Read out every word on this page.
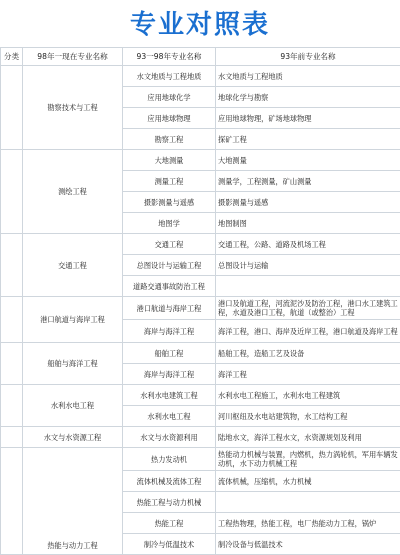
专业对照表
分类	98年一现在专业名称	93一98年专业名称	93年前专业名称
	勘察技术与工程	水文地质与工程地质	水文地质与工程地质
		应用地球化学	地球化学与勘察
		应用地球物理	应用地球物理，矿场地球物理
		勘察工程	探矿工程
	测绘工程	大地测量	大地测量
		测量工程	测量学，工程测量，矿山测量
		摄影测量与遥感	摄影测量与遥感
		地图学	地图制图
	交通工程	交通工程	交通工程，公路、道路及机场工程
		总图设计与运输工程	总图设计与运输
		道路交通事故防治工程	
	港口航道与海岸工程	港口航道与海岸工程	港口及航道工程，河流泥沙及防治工程，港口水工建筑工程，水道及港口工程，航道（或整治）工程
		海岸与海洋工程	海洋工程，港口、海岸及近岸工程，港口航道及海岸工程
	船舶与海洋工程	船舶工程	船舶工程，造船工艺及设备
		海岸与海洋工程	海洋工程
	水利水电工程	水利水电建筑工程	水利水电工程施工，水利水电工程建筑
		水利水电工程	河川枢纽及水电站建筑物，水工结构工程
	水文与水资源工程	水文与水资源利用	陆地水文，海洋工程水文，水资源规划及利用
	热能与动力工程	热力发动机	热能动力机械与装置，内燃机，热力涡轮机，军用车辆发动机，水下动力机械工程
		流体机械及流体工程	流体机械，压缩机，水力机械
		热能工程与动力机械	
		热能工程	工程热物理，热能工程，电厂热能动力工程，锅炉
		制冷与低温技术	制冷设备与低温技术
